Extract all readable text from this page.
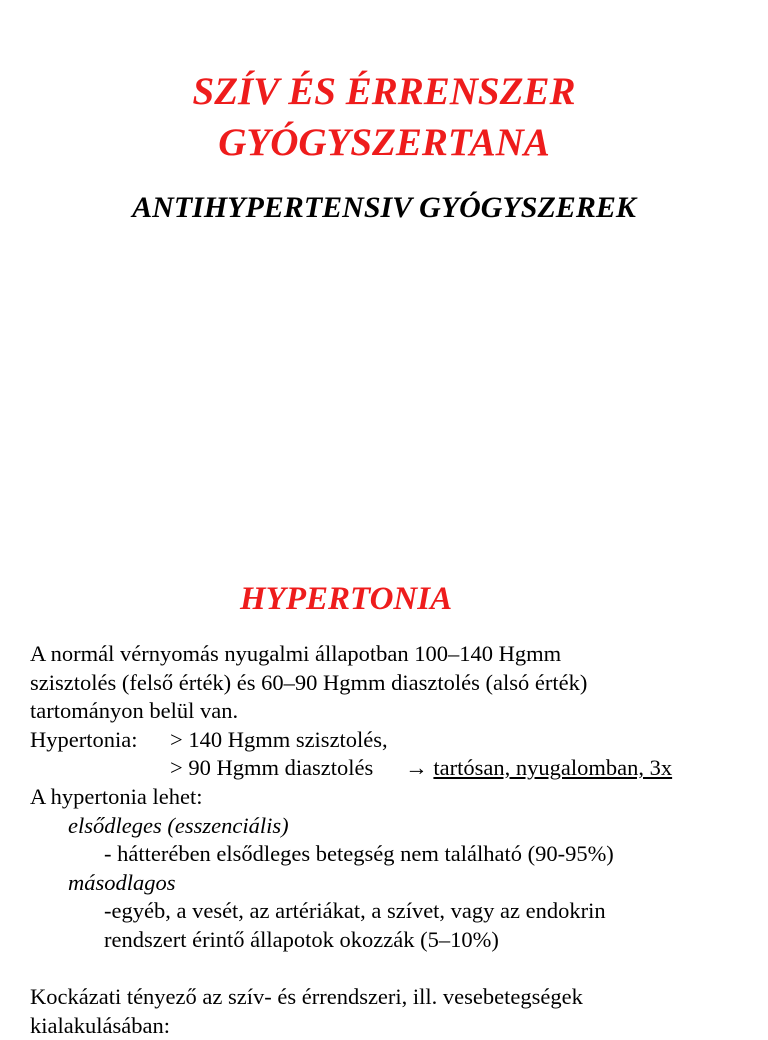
SZÍV ÉS ÉRRENSZER
GYÓGYSZERTANA
ANTIHYPERTENSIV GYÓGYSZEREK
HYPERTONIA
A normál vérnyomás nyugalmi állapotban 100–140 Hgmm
szisztolés (felső érték) és 60–90 Hgmm diasztolés (alsó érték)
tartományon belül van.
Hypertonia: > 140 Hgmm szisztolés,
> 90 Hgmm diasztolés → tartósan, nyugalomban, 3x
A hypertonia lehet:
elsődleges (esszenciális)
- hátterében elsődleges betegség nem található (90-95%)
másodlagos
-egyéb, a vesét, az artériákat, a szívet, vagy az endokrin
rendszert érintő állapotok okozzák (5–10%)
Kockázati tényező az szív- és érrendszeri, ill. vesebetegségek
kialakulásában:
